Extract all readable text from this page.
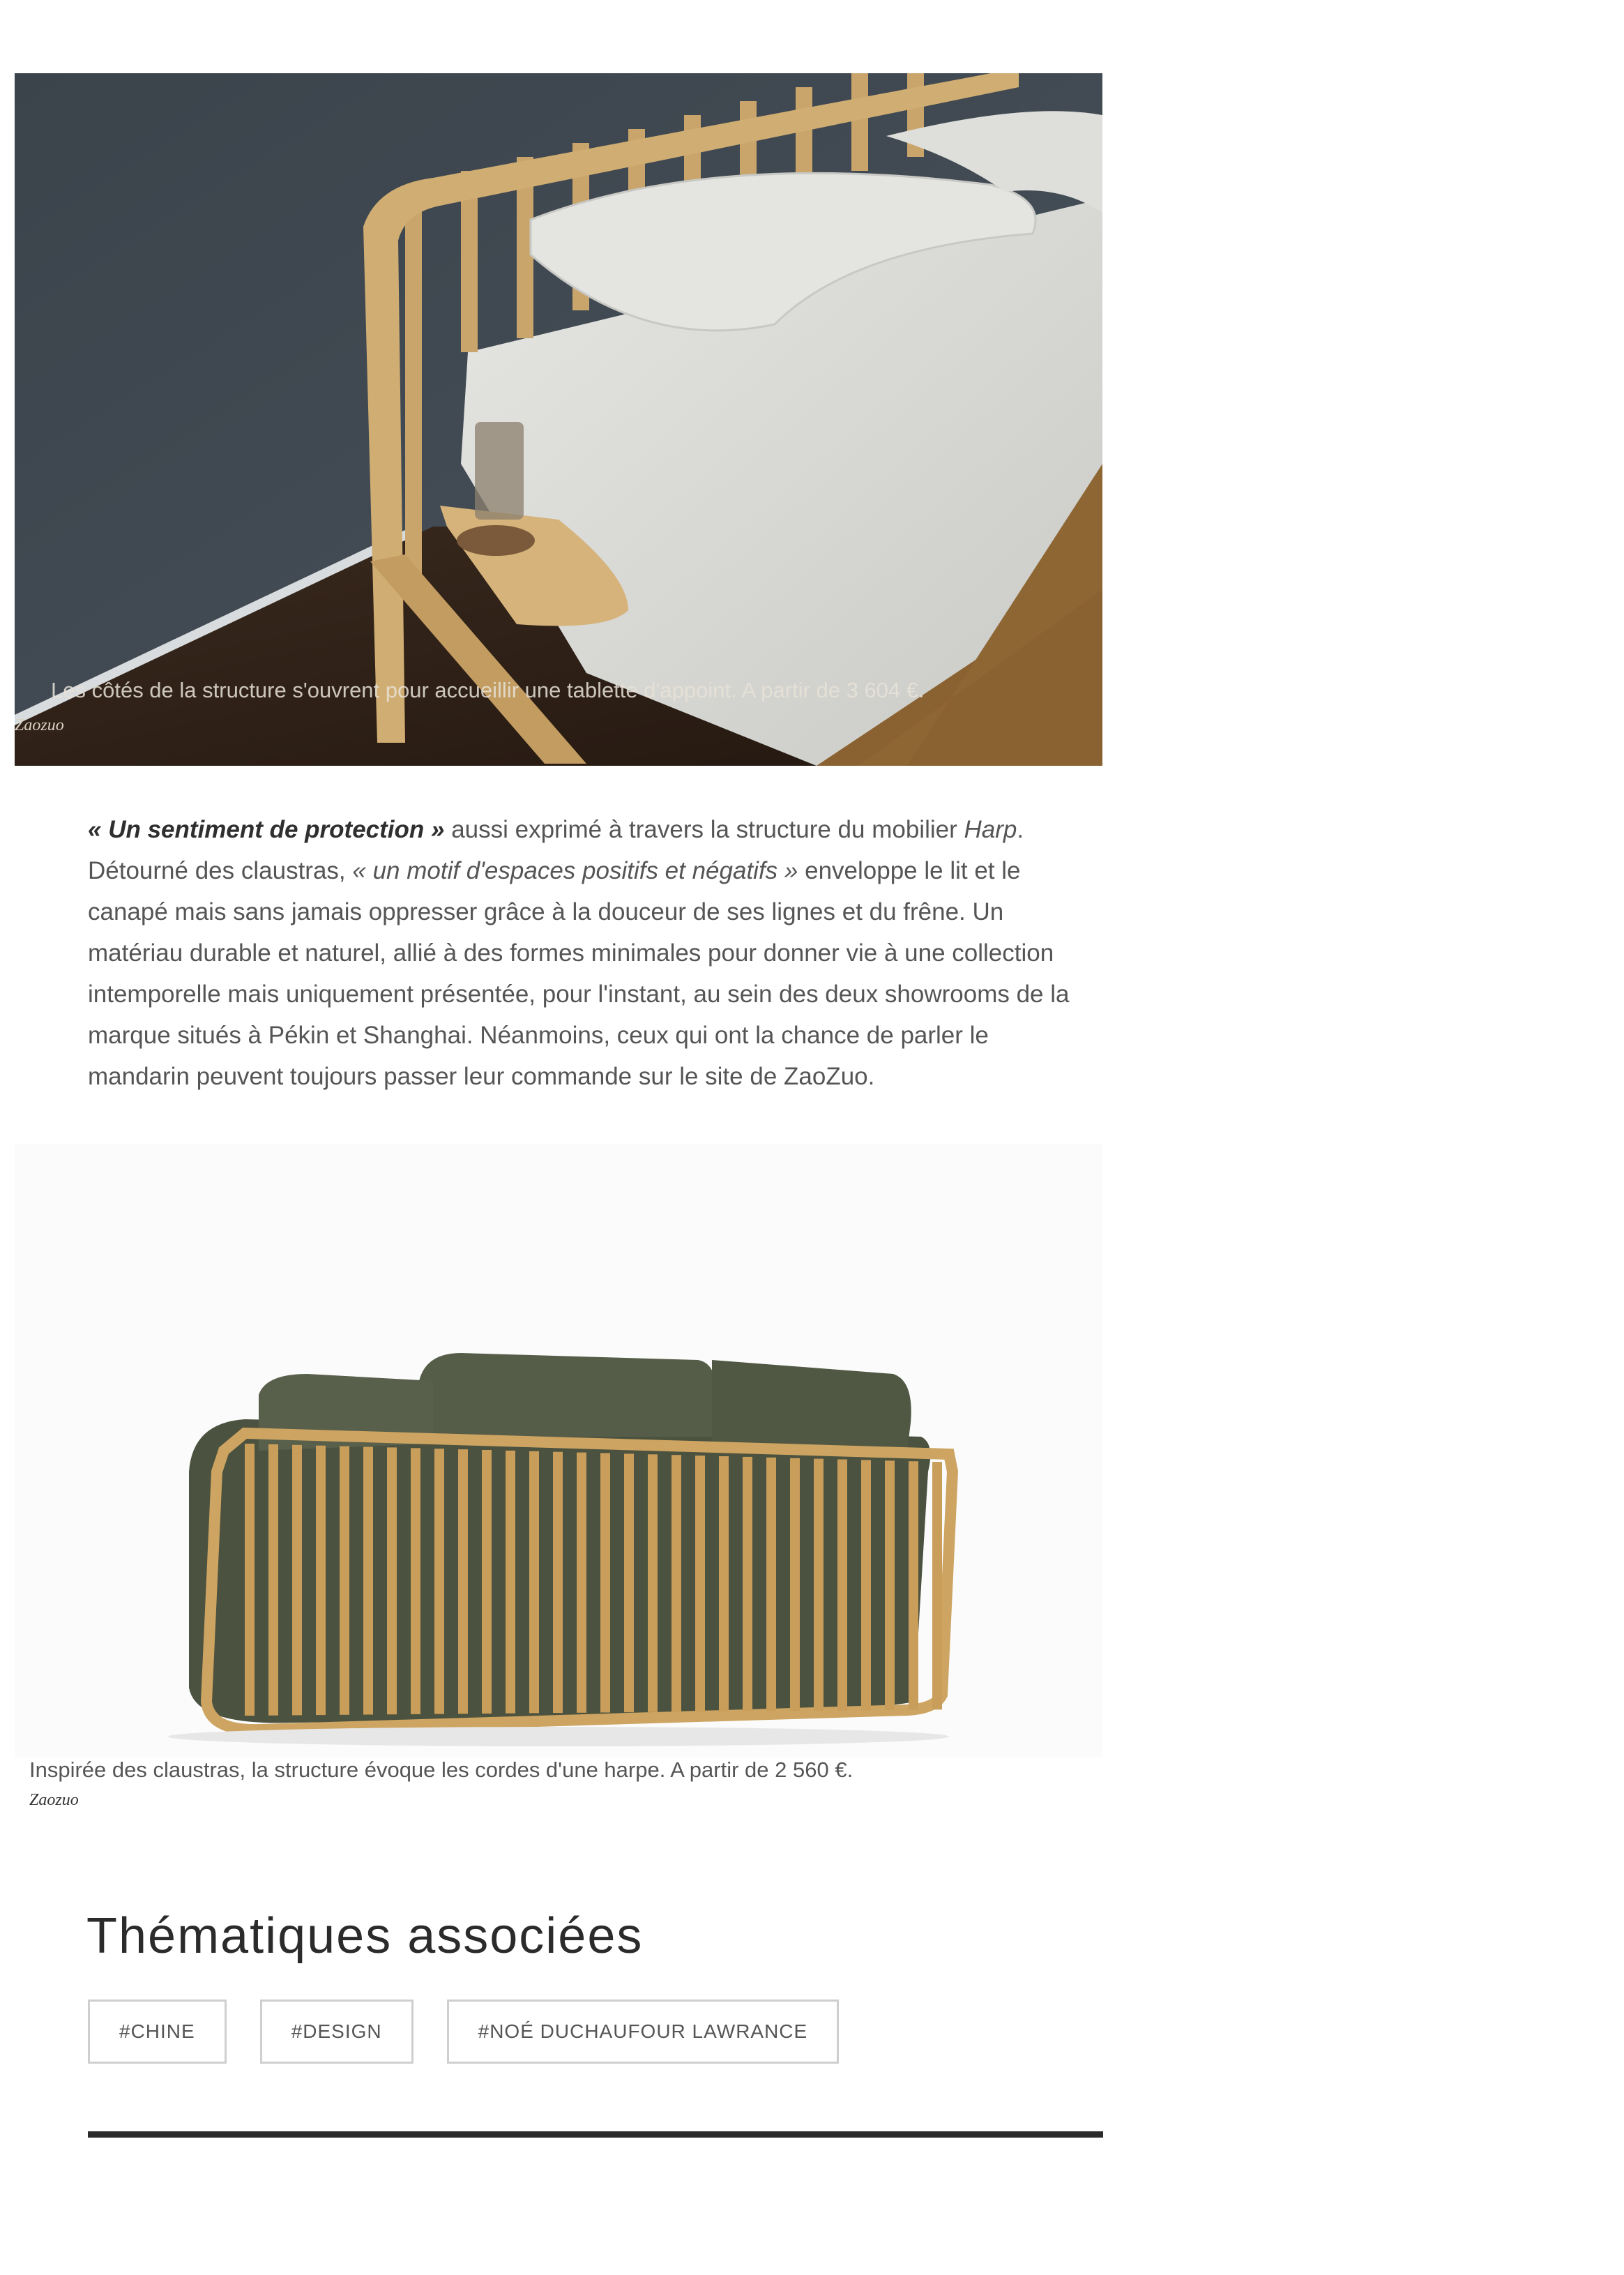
Les côtés de la structure s'ouvrent pour accueillir une tablette d'appoint. A partir de 3 604 €.
Zaozuo

« Un sentiment de protection » aussi exprimé à travers la structure du mobilier Harp. Détourné des claustras, « un motif d'espaces positifs et négatifs » enveloppe le lit et le canapé mais sans jamais oppresser grâce à la douceur de ses lignes et du frêne. Un matériau durable et naturel, allié à des formes minimales pour donner vie à une collection intemporelle mais uniquement présentée, pour l'instant, au sein des deux showrooms de la marque situés à Pékin et Shanghai. Néanmoins, ceux qui ont la chance de parler le mandarin peuvent toujours passer leur commande sur le site de ZaoZuo.

Inspirée des claustras, la structure évoque les cordes d'une harpe. A partir de 2 560 €.
Zaozuo
Thématiques associées
#CHINE	#DESIGN	#NOÉ DUCHAUFOUR LAWRANCE
